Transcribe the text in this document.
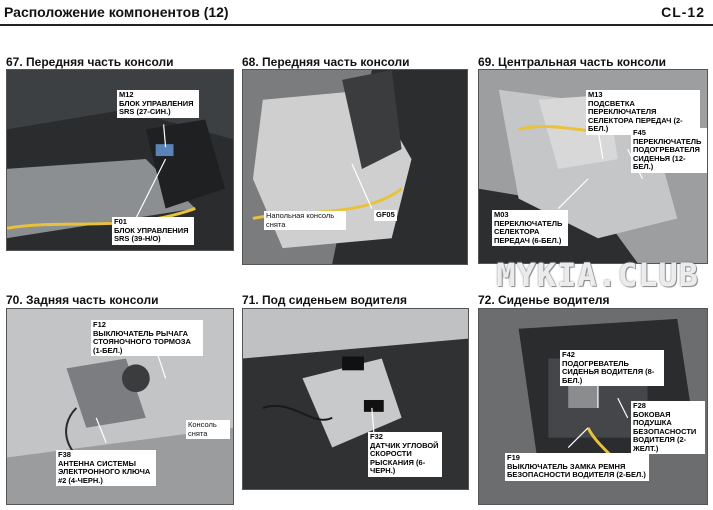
Расположение компонентов (12)	CL-12
67. Передняя часть консоли
M12
БЛОК УПРАВЛЕНИЯ SRS (27-СИН.)
F01
БЛОК УПРАВЛЕНИЯ SRS (39-Н/О)
68. Передняя часть консоли
Напольная консоль снята
GF05
69. Центральная часть консоли
M13
ПОДСВЕТКА ПЕРЕКЛЮЧАТЕЛЯ СЕЛЕКТОРА ПЕРЕДАЧ (2-БЕЛ.)	F45
ПЕРЕКЛЮЧАТЕЛЬ ПОДОГРЕВАТЕЛЯ СИДЕНЬЯ (12-БЕЛ.)
M03
ПЕРЕКЛЮЧАТЕЛЬ СЕЛЕКТОРА ПЕРЕДАЧ (6-БЕЛ.)
MYKIA.CLUB
70. Задняя часть консоли
F12
ВЫКЛЮЧАТЕЛЬ РЫЧАГА СТОЯНОЧНОГО ТОРМОЗА (1-БЕЛ.)
Консоль снята
F38
АНТЕННА СИСТЕМЫ ЭЛЕКТРОННОГО КЛЮЧА #2 (4-ЧЕРН.)
71. Под сиденьем водителя
F32
ДАТЧИК УГЛОВОЙ СКОРОСТИ РЫСКАНИЯ (6-ЧЕРН.)
72. Сиденье водителя
F42
ПОДОГРЕВАТЕЛЬ СИДЕНЬЯ ВОДИТЕЛЯ (8-БЕЛ.)
F28
БОКОВАЯ ПОДУШКА БЕЗОПАСНОСТИ ВОДИТЕЛЯ (2-ЖЕЛТ.)
F19
ВЫКЛЮЧАТЕЛЬ ЗАМКА РЕМНЯ БЕЗОПАСНОСТИ ВОДИТЕЛЯ (2-БЕЛ.)
